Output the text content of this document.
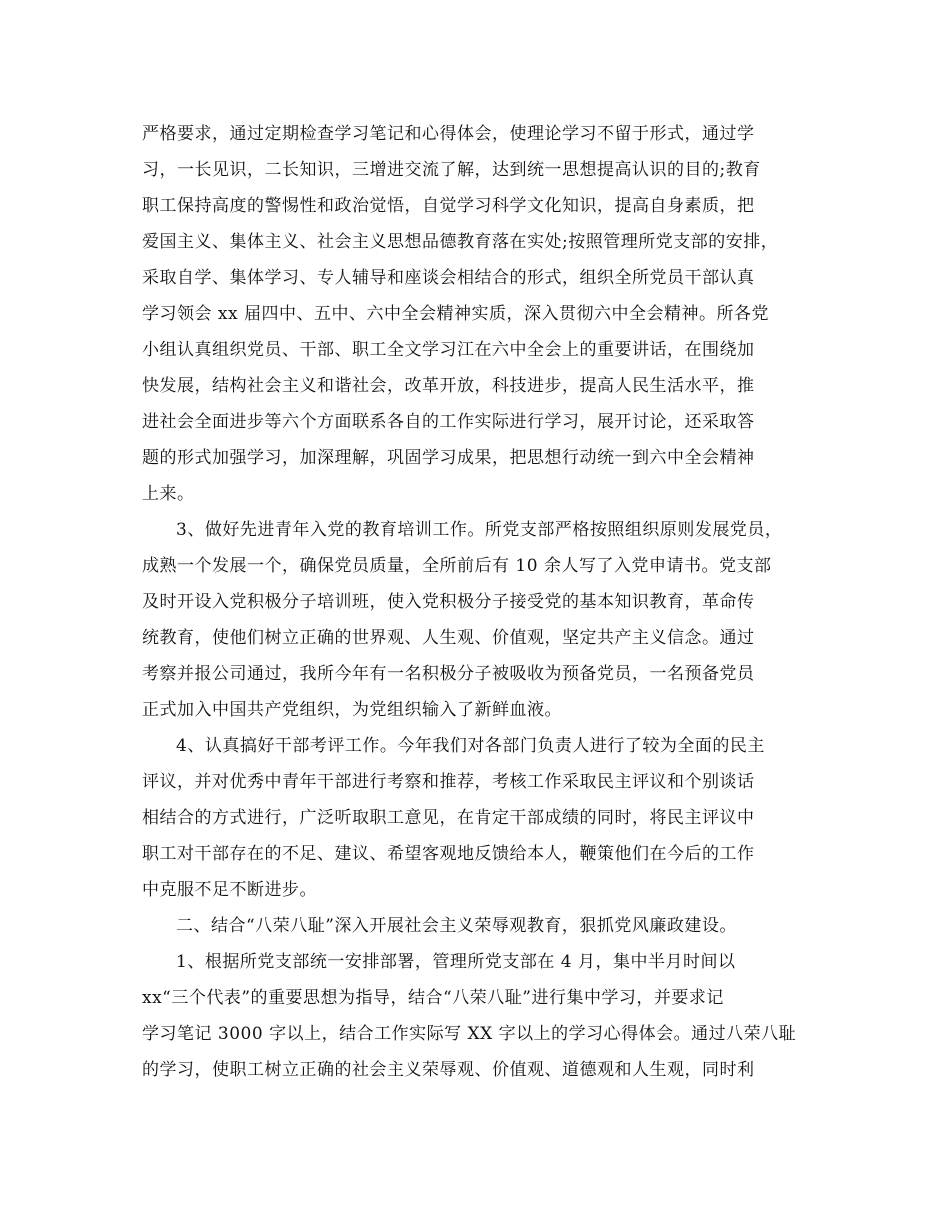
严格要求，通过定期检查学习笔记和心得体会，使理论学习不留于形式，通过学
习，一长见识，二长知识，三增进交流了解，达到统一思想提高认识的目的;教育
职工保持高度的警惕性和政治觉悟，自觉学习科学文化知识，提高自身素质，把
爱国主义、集体主义、社会主义思想品德教育落在实处;按照管理所党支部的安排，
采取自学、集体学习、专人辅导和座谈会相结合的形式，组织全所党员干部认真
学习领会 xx 届四中、五中、六中全会精神实质，深入贯彻六中全会精神。所各党
小组认真组织党员、干部、职工全文学习江在六中全会上的重要讲话，在围绕加
快发展，结构社会主义和谐社会，改革开放，科技进步，提高人民生活水平，推
进社会全面进步等六个方面联系各自的工作实际进行学习，展开讨论，还采取答
题的形式加强学习，加深理解，巩固学习成果，把思想行动统一到六中全会精神
上来。
3、做好先进青年入党的教育培训工作。所党支部严格按照组织原则发展党员，
成熟一个发展一个，确保党员质量，全所前后有 10 余人写了入党申请书。党支部
及时开设入党积极分子培训班，使入党积极分子接受党的基本知识教育，革命传
统教育，使他们树立正确的世界观、人生观、价值观，坚定共产主义信念。通过
考察并报公司通过，我所今年有一名积极分子被吸收为预备党员，一名预备党员
正式加入中国共产党组织，为党组织输入了新鲜血液。
4、认真搞好干部考评工作。今年我们对各部门负责人进行了较为全面的民主
评议，并对优秀中青年干部进行考察和推荐，考核工作采取民主评议和个别谈话
相结合的方式进行，广泛听取职工意见，在肯定干部成绩的同时，将民主评议中
职工对干部存在的不足、建议、希望客观地反馈给本人，鞭策他们在今后的工作
中克服不足不断进步。
二、结合“八荣八耻”深入开展社会主义荣辱观教育，狠抓党风廉政建设。
1、根据所党支部统一安排部署，管理所党支部在 4 月，集中半月时间以
xx“三个代表”的重要思想为指导，结合“八荣八耻”进行集中学习，并要求记
学习笔记 3000 字以上，结合工作实际写 XX 字以上的学习心得体会。通过八荣八耻
的学习，使职工树立正确的社会主义荣辱观、价值观、道德观和人生观，同时利
